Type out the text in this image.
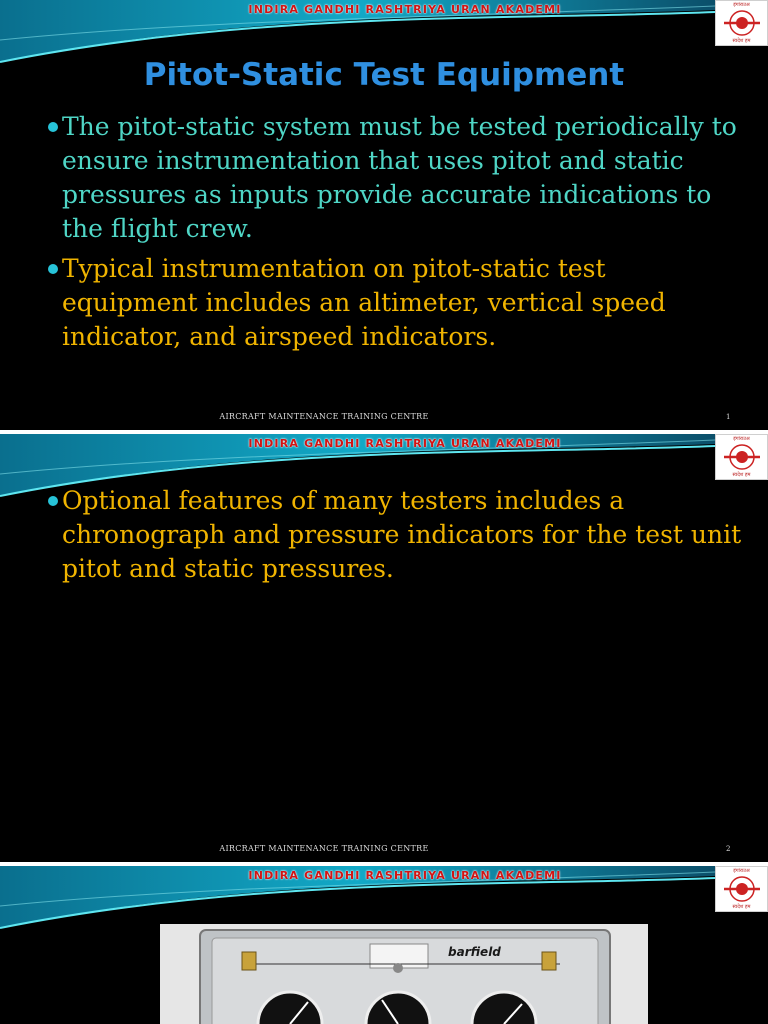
INDIRA GANDHI RASHTRIYA URAN AKADEMI	इंगांराउअ
स्वदेश हम
Pitot-Static Test Equipment
The pitot-static system must be tested periodically to ensure instrumentation that uses pitot and static pressures as inputs provide accurate indications to the flight crew.
Typical instrumentation on pitot-static test equipment includes an altimeter, vertical speed indicator, and airspeed indicators.
AIRCRAFT MAINTENANCE TRAINING CENTRE	1
INDIRA GANDHI RASHTRIYA URAN AKADEMI	इंगांराउअ
स्वदेश हम
Optional features of many testers includes a chronograph and pressure indicators for the test unit pitot and static pressures.
AIRCRAFT MAINTENANCE TRAINING CENTRE	2
INDIRA GANDHI RASHTRIYA URAN AKADEMI	इंगांराउअ
स्वदेश हम
barfield
